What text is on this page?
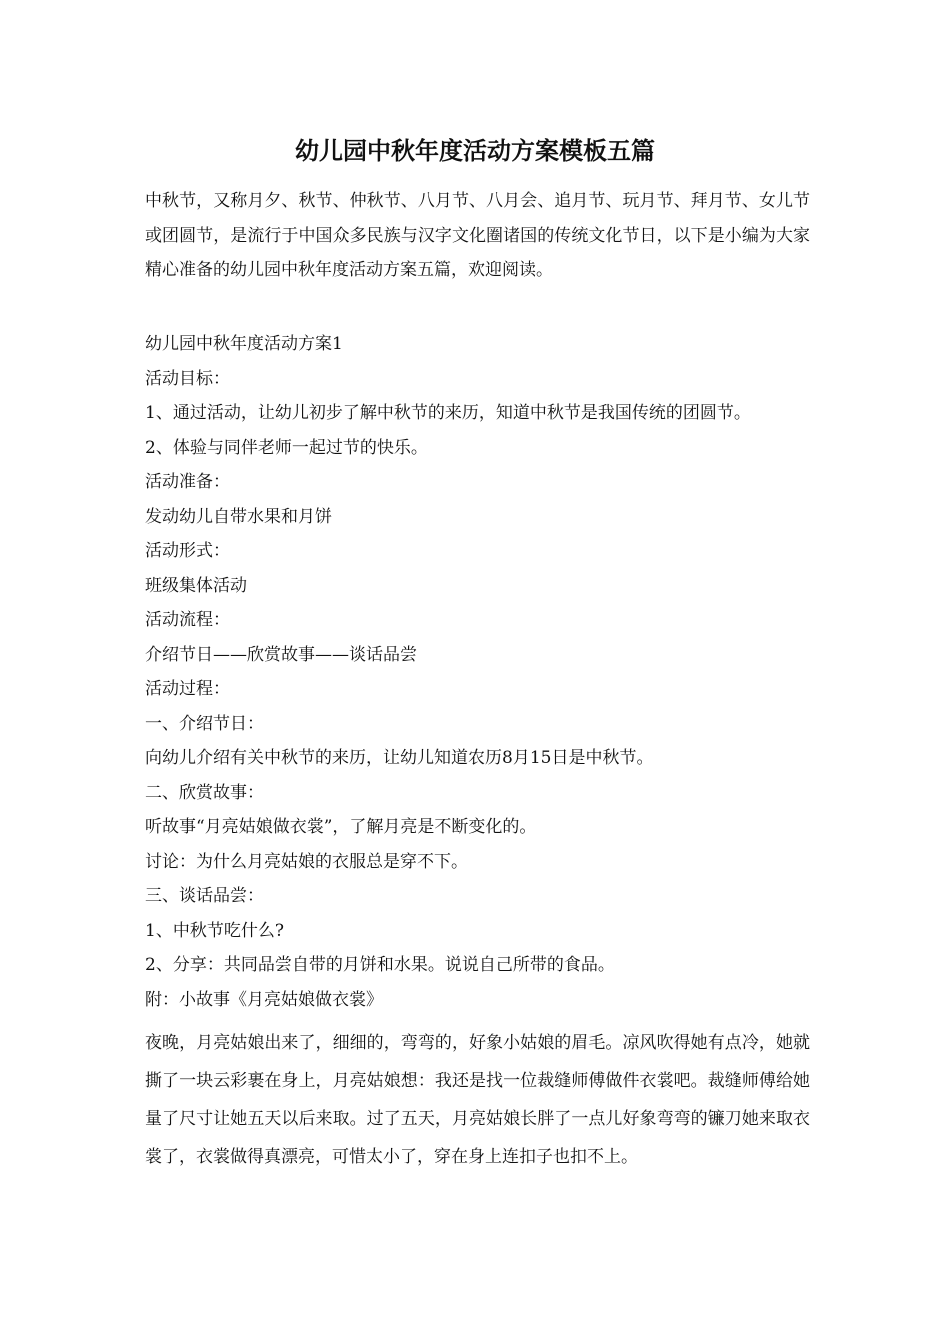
幼儿园中秋年度活动方案模板五篇

中秋节，又称月夕、秋节、仲秋节、八月节、八月会、追月节、玩月节、拜月节、女儿节或团圆节，是流行于中国众多民族与汉字文化圈诸国的传统文化节日，以下是小编为大家精心准备的幼儿园中秋年度活动方案五篇，欢迎阅读。

幼儿园中秋年度活动方案1
活动目标：
1、通过活动，让幼儿初步了解中秋节的来历，知道中秋节是我国传统的团圆节。
2、体验与同伴老师一起过节的快乐。
活动准备：
发动幼儿自带水果和月饼
活动形式：
班级集体活动
活动流程：
介绍节日——欣赏故事——谈话品尝
活动过程：
一、介绍节日：
向幼儿介绍有关中秋节的来历，让幼儿知道农历8月15日是中秋节。
二、欣赏故事：
听故事“月亮姑娘做衣裳”，了解月亮是不断变化的。
讨论：为什么月亮姑娘的衣服总是穿不下。
三、谈话品尝：
1、中秋节吃什么?
2、分享：共同品尝自带的月饼和水果。说说自己所带的食品。
附：小故事《月亮姑娘做衣裳》

夜晚，月亮姑娘出来了，细细的，弯弯的，好象小姑娘的眉毛。凉风吹得她有点冷，她就撕了一块云彩裹在身上，月亮姑娘想：我还是找一位裁缝师傅做件衣裳吧。裁缝师傅给她量了尺寸让她五天以后来取。过了五天，月亮姑娘长胖了一点儿好象弯弯的镰刀她来取衣裳了，衣裳做得真漂亮，可惜太小了，穿在身上连扣子也扣不上。
